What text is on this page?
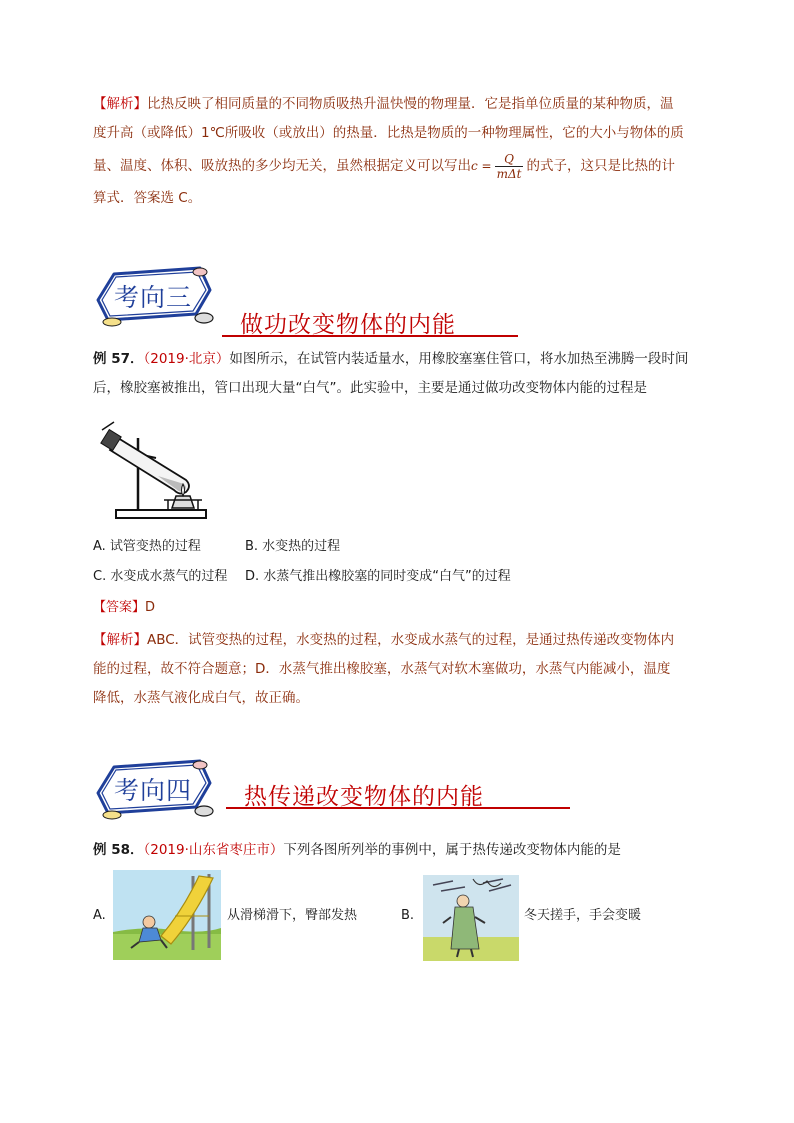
【解析】比热反映了相同质量的不同物质吸热升温快慢的物理量．它是指单位质量的某种物质，温
度升高（或降低）1℃所吸收（或放出）的热量．比热是物质的一种物理属性，它的大小与物体的质
量、温度、体积、吸放热的多少均无关，虽然根据定义可以写出$c = \frac{Q}{\text{mΔt}}$ 的式子，这只是比热的计
算式．答案选 C。
考向三
做功改变物体的内能
例 57．（2019·北京）如图所示，在试管内装适量水，用橡胶塞塞住管口，将水加热至沸腾一段时间
后，橡胶塞被推出，管口出现大量“白气”。此实验中，主要是通过做功改变物体内能的过程是
A. 试管变热的过程	B. 水变热的过程
C. 水变成水蒸气的过程 D. 水蒸气推出橡胶塞的同时变成“白气”的过程
【答案】D
【解析】ABC．试管变热的过程，水变热的过程，水变成水蒸气的过程，是通过热传递改变物体内
能的过程，故不符合题意；D．水蒸气推出橡胶塞，水蒸气对软木塞做功，水蒸气内能减小，温度
降低，水蒸气液化成白气，故正确。
考向四 热传递改变物体的内能
例 58．（2019·山东省枣庄市）下列各图所列举的事例中，属于热传递改变物体内能的是
A.	从滑梯滑下，臀部发热	B.	冬天搓手，手会变暖
